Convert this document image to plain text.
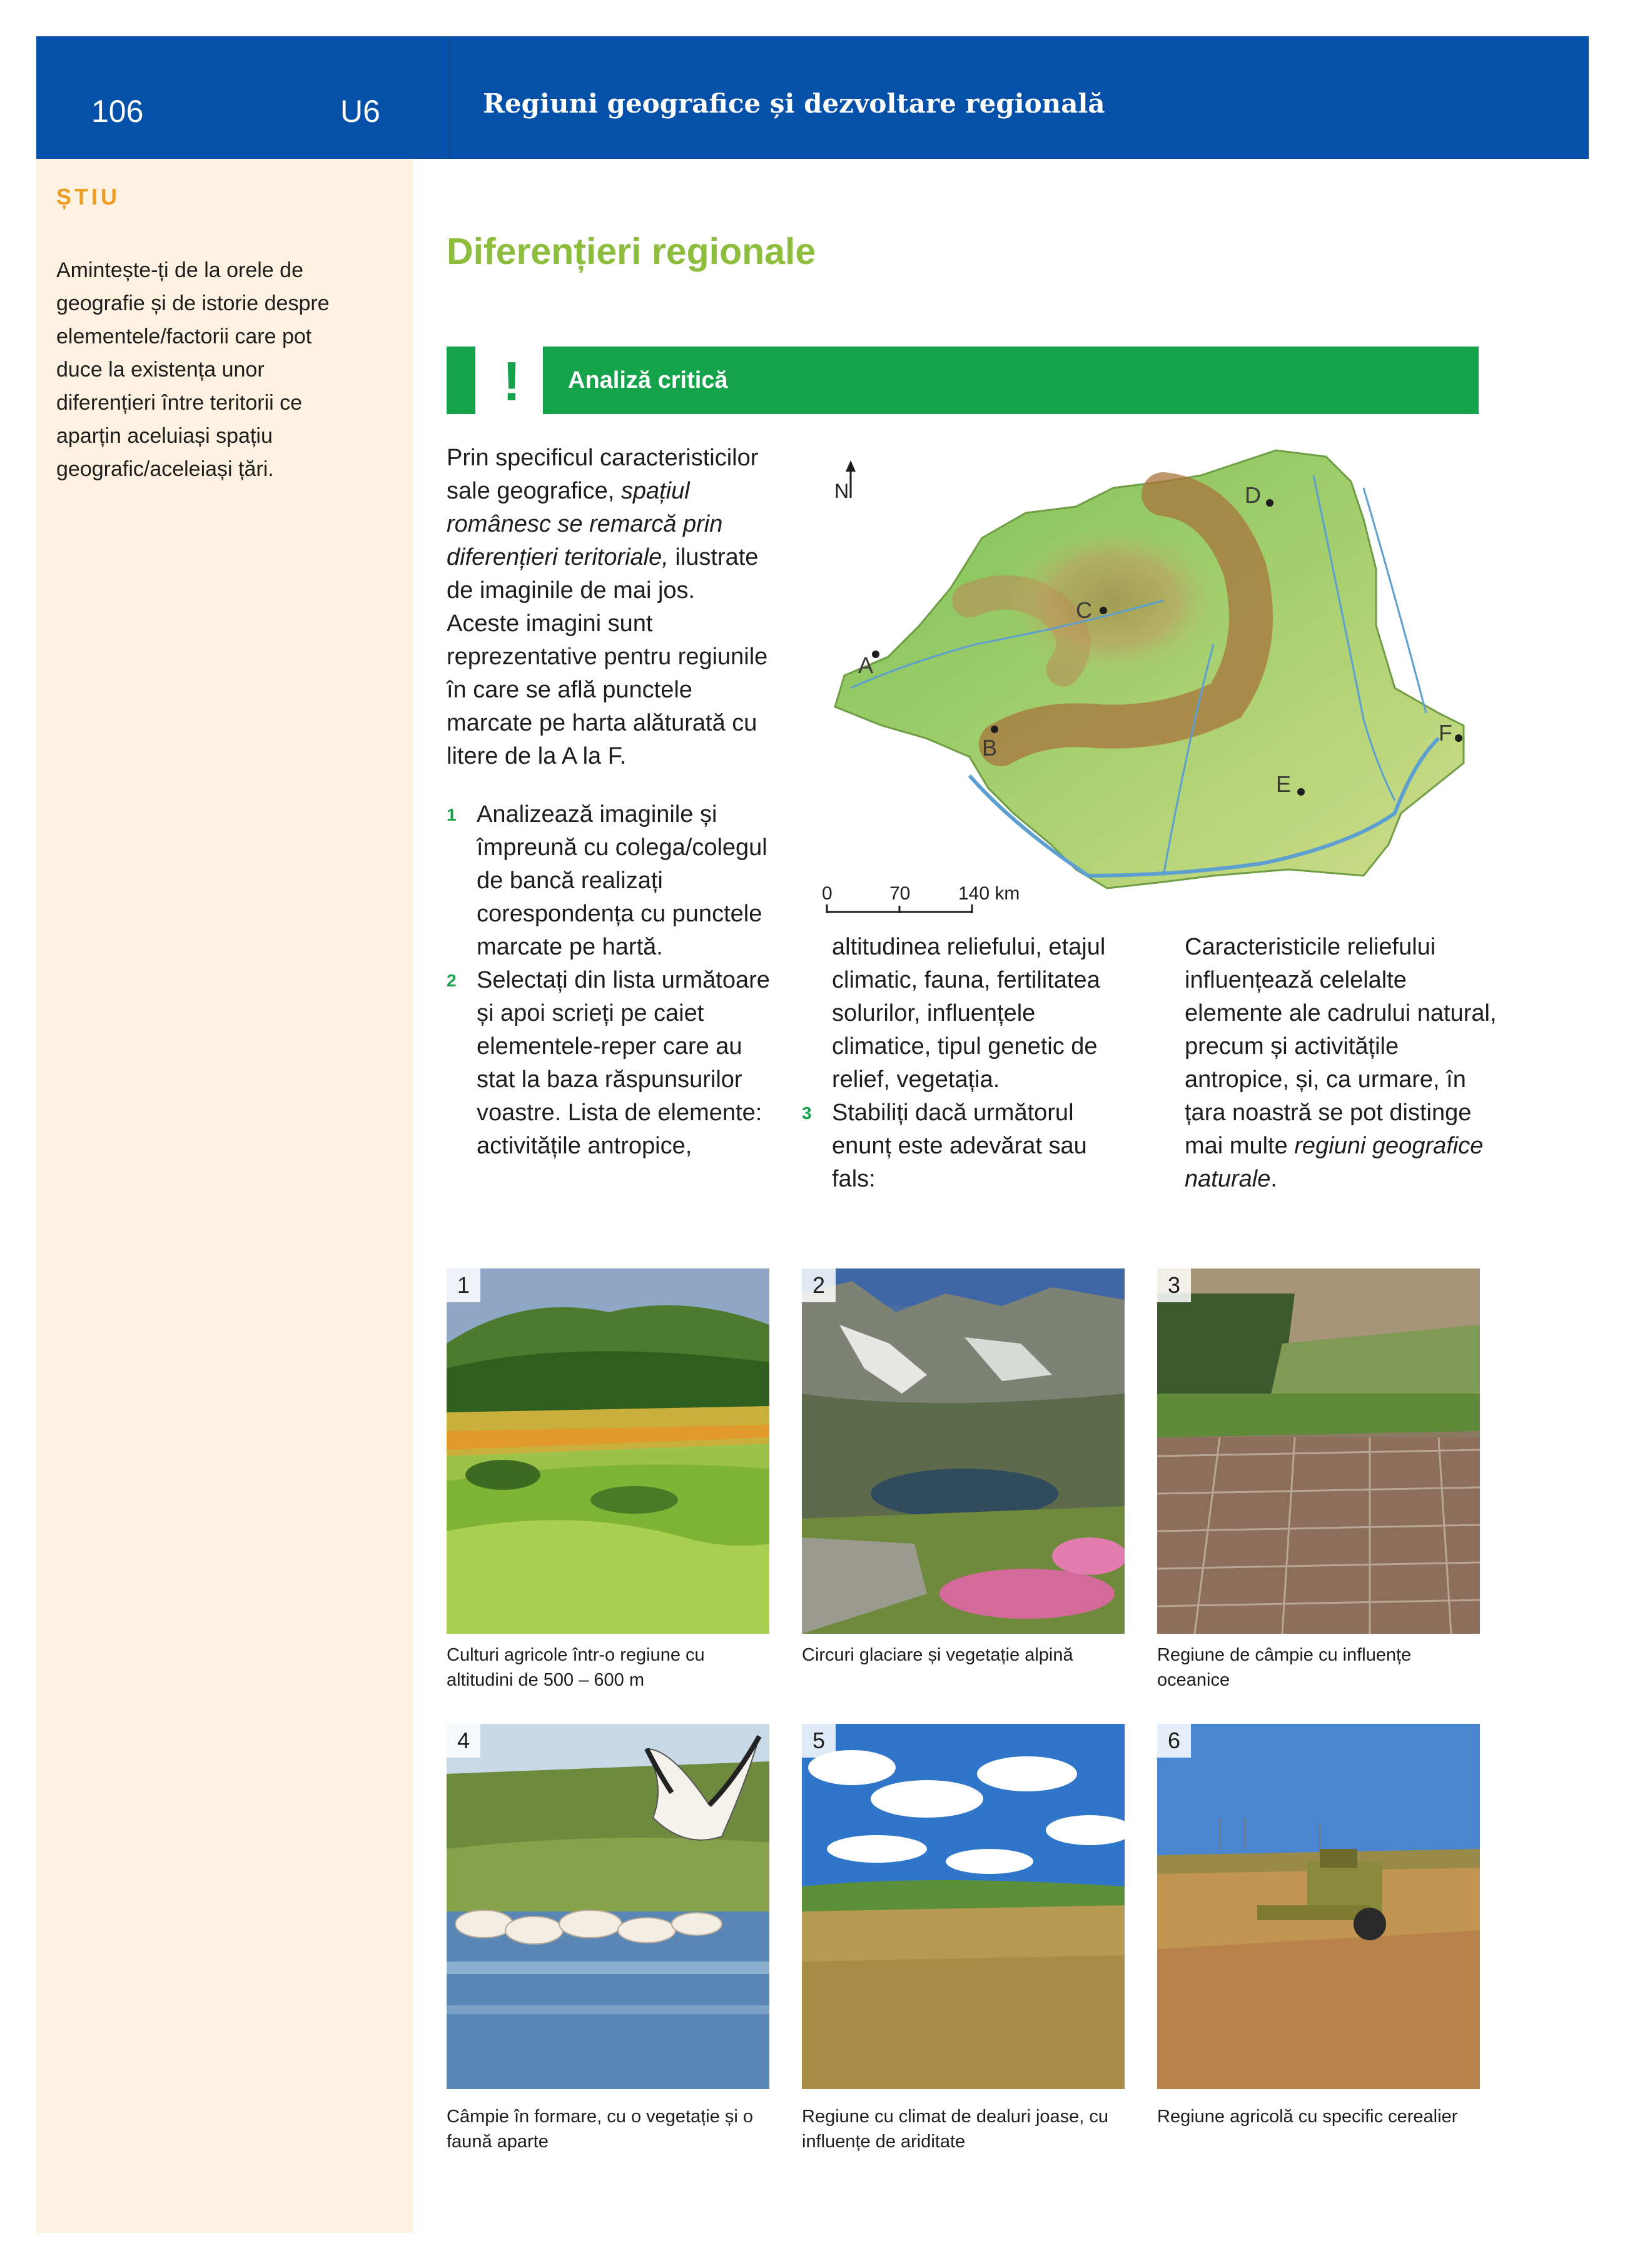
106	U6	Regiuni geografice și dezvoltare regională
ȘTIU
Amintește-ți de la orele de geografie și de istorie despre elementele/factorii care pot duce la existența unor diferențieri între teritorii ce aparțin aceluiași spațiu geografic/aceleiași țări.
Diferențieri regionale
!	Analiză critică
Prin specificul caracteristicilor sale geografice, spațiul românesc se remarcă prin diferențieri teritoriale, ilustrate de imaginile de mai jos. Aceste imagini sunt reprezentative pentru regiunile în care se află punctele marcate pe harta alăturată cu litere de la A la F.
1 Analizează imaginile și împreună cu colega/colegul de bancă realizați corespondența cu punctele marcate pe hartă.
2 Selectați din lista următoare și apoi scrieți pe caiet elementele-reper care au stat la baza răspunsurilor voastre. Lista de elemente: activitățile antropice,
altitudinea reliefului, etajul climatic, fauna, fertilitatea solurilor, influențele climatice, tipul genetic de relief, vegetația.
3 Stabiliți dacă următorul enunț este adevărat sau fals:
Caracteristicile reliefului influențează celelalte elemente ale cadrului natural, precum și activitățile antropice, și, ca urmare, în țara noastră se pot distinge mai multe regiuni geografice naturale.
N
A
B
C
D
E
F
0	70	140 km
1
Culturi agricole într-o regiune cu altitudini de 500 – 600 m
2
Circuri glaciare și vegetație alpină
3
Regiune de câmpie cu influențe oceanice
4
Câmpie în formare, cu o vegetație și o faună aparte
5
Regiune cu climat de dealuri joase, cu influențe de ariditate
6
Regiune agricolă cu specific cerealier
